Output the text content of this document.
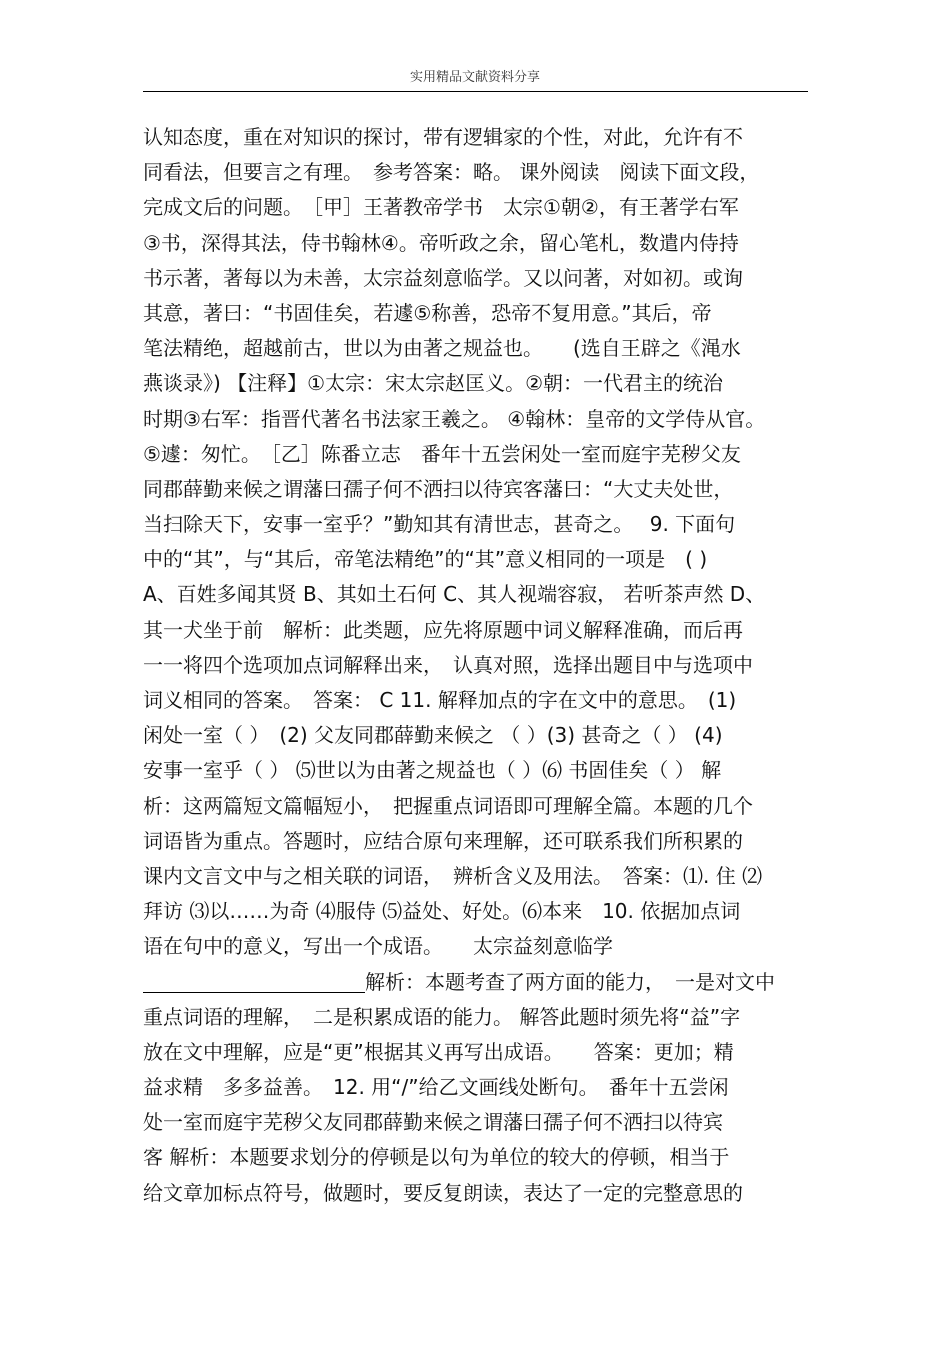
实用精品文献资料分享
认知态度，重在对知识的探讨，带有逻辑家的个性，对此，允许有不
同看法，但要言之有理。　参考答案：略。 课外阅读　阅读下面文段，
完成文后的问题。　［甲］王著教帝学书　太宗①朝②，有王著学右军
③书，深得其法，侍书翰林④。帝听政之余，留心笔札，数遣内侍持
书示著，著每以为未善，太宗益刻意临学。又以问著，对如初。或询
其意，著曰：“书固佳矣，若遽⑤称善，恐帝不复用意。”其后，帝
笔法精绝，超越前古，世以为由著之规益也。　　(选自王辟之《渑水
燕谈录》) 【注释】①太宗：宋太宗赵匡义。②朝：一代君主的统治
时期③右军：指晋代著名书法家王羲之。 ④翰林：皇帝的文学侍从官。
⑤遽：匆忙。　［乙］陈番立志　番年十五尝闲处一室而庭宇芜秽父友
同郡薛勤来候之谓藩曰孺子何不洒扫以待宾客藩曰：“大丈夫处世，
当扫除天下，安事一室乎？”勤知其有清世志，甚奇之。　 9. 下面句
中的“其”，与“其后，帝笔法精绝”的“其”意义相同的一项是　( )
A、百姓多闻其贤 B、其如土石何 C、其人视端容寂， 若听茶声然 D、
其一犬坐于前　解析：此类题，应先将原题中词义解释准确，而后再
一一将四个选项加点词解释出来，　认真对照，选择出题目中与选项中
词义相同的答案。　答案： C 11. 解释加点的字在文中的意思。　(1)
闲处一室（ ）　(2) 父友同郡薛勤来候之 （ ）(3) 甚奇之（ ） (4)
安事一室乎（ ） ⑸世以为由著之规益也（ ）⑹ 书固佳矣（ ） 解
析：这两篇短文篇幅短小，　把握重点词语即可理解全篇。本题的几个
词语皆为重点。答题时，应结合原句来理解，还可联系我们所积累的
课内文言文中与之相关联的词语，　辨析含义及用法。　答案：⑴. 住 ⑵
拜访 ⑶以……为奇 ⑷服侍 ⑸益处、好处。⑹本来　10. 依据加点词
语在句中的意义，写出一个成语。　　太宗益刻意临学
解析：本题考查了两方面的能力，　一是对文中
重点词语的理解，　二是积累成语的能力。 解答此题时须先将“益”字
放在文中理解，应是“更”根据其义再写出成语。　　答案：更加；精
益求精　多多益善。　12. 用“/”给乙文画线处断句。　番年十五尝闲
处一室而庭宇芜秽父友同郡薛勤来候之谓藩曰孺子何不洒扫以待宾
客 解析：本题要求划分的停顿是以句为单位的较大的停顿，相当于
给文章加标点符号，做题时，要反复朗读，表达了一定的完整意思的
